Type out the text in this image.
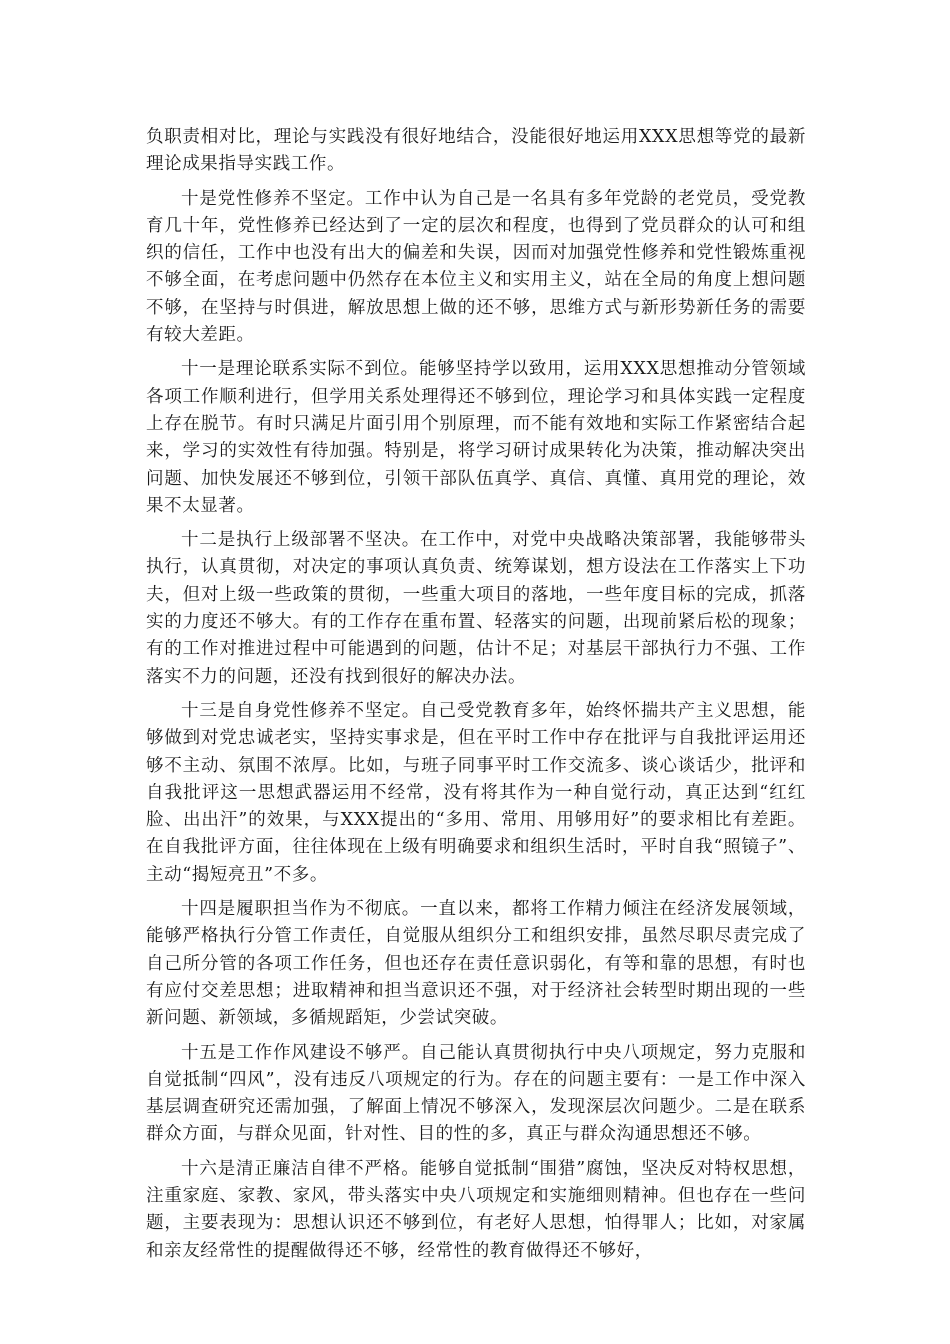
负职责相对比，理论与实践没有很好地结合，没能很好地运用XXX思想等党的最新理论成果指导实践工作。

十是党性修养不坚定。工作中认为自己是一名具有多年党龄的老党员，受党教育几十年，党性修养已经达到了一定的层次和程度，也得到了党员群众的认可和组织的信任，工作中也没有出大的偏差和失误，因而对加强党性修养和党性锻炼重视不够全面，在考虑问题中仍然存在本位主义和实用主义，站在全局的角度上想问题不够，在坚持与时俱进，解放思想上做的还不够，思维方式与新形势新任务的需要有较大差距。

十一是理论联系实际不到位。能够坚持学以致用，运用XXX思想推动分管领域各项工作顺利进行，但学用关系处理得还不够到位，理论学习和具体实践一定程度上存在脱节。有时只满足片面引用个别原理，而不能有效地和实际工作紧密结合起来，学习的实效性有待加强。特别是，将学习研讨成果转化为决策，推动解决突出问题、加快发展还不够到位，引领干部队伍真学、真信、真懂、真用党的理论，效果不太显著。

十二是执行上级部署不坚决。在工作中，对党中央战略决策部署，我能够带头执行，认真贯彻，对决定的事项认真负责、统筹谋划，想方设法在工作落实上下功夫，但对上级一些政策的贯彻，一些重大项目的落地，一些年度目标的完成，抓落实的力度还不够大。有的工作存在重布置、轻落实的问题，出现前紧后松的现象；有的工作对推进过程中可能遇到的问题，估计不足；对基层干部执行力不强、工作落实不力的问题，还没有找到很好的解决办法。

十三是自身党性修养不坚定。自己受党教育多年，始终怀揣共产主义思想，能够做到对党忠诚老实，坚持实事求是，但在平时工作中存在批评与自我批评运用还够不主动、氛围不浓厚。比如，与班子同事平时工作交流多、谈心谈话少，批评和自我批评这一思想武器运用不经常，没有将其作为一种自觉行动，真正达到“红红脸、出出汗”的效果，与XXX提出的“多用、常用、用够用好”的要求相比有差距。在自我批评方面，往往体现在上级有明确要求和组织生活时，平时自我“照镜子”、主动“揭短亮丑”不多。

十四是履职担当作为不彻底。一直以来，都将工作精力倾注在经济发展领域，能够严格执行分管工作责任，自觉服从组织分工和组织安排，虽然尽职尽责完成了自己所分管的各项工作任务，但也还存在责任意识弱化，有等和靠的思想，有时也有应付交差思想；进取精神和担当意识还不强，对于经济社会转型时期出现的一些新问题、新领域，多循规蹈矩，少尝试突破。

十五是工作作风建设不够严。自己能认真贯彻执行中央八项规定，努力克服和自觉抵制“四风”，没有违反八项规定的行为。存在的问题主要有：一是工作中深入基层调查研究还需加强，了解面上情况不够深入，发现深层次问题少。二是在联系群众方面，与群众见面，针对性、目的性的多，真正与群众沟通思想还不够。

十六是清正廉洁自律不严格。能够自觉抵制“围猎”腐蚀，坚决反对特权思想，注重家庭、家教、家风，带头落实中央八项规定和实施细则精神。但也存在一些问题，主要表现为：思想认识还不够到位，有老好人思想，怕得罪人；比如，对家属和亲友经常性的提醒做得还不够，经常性的教育做得还不够好，
